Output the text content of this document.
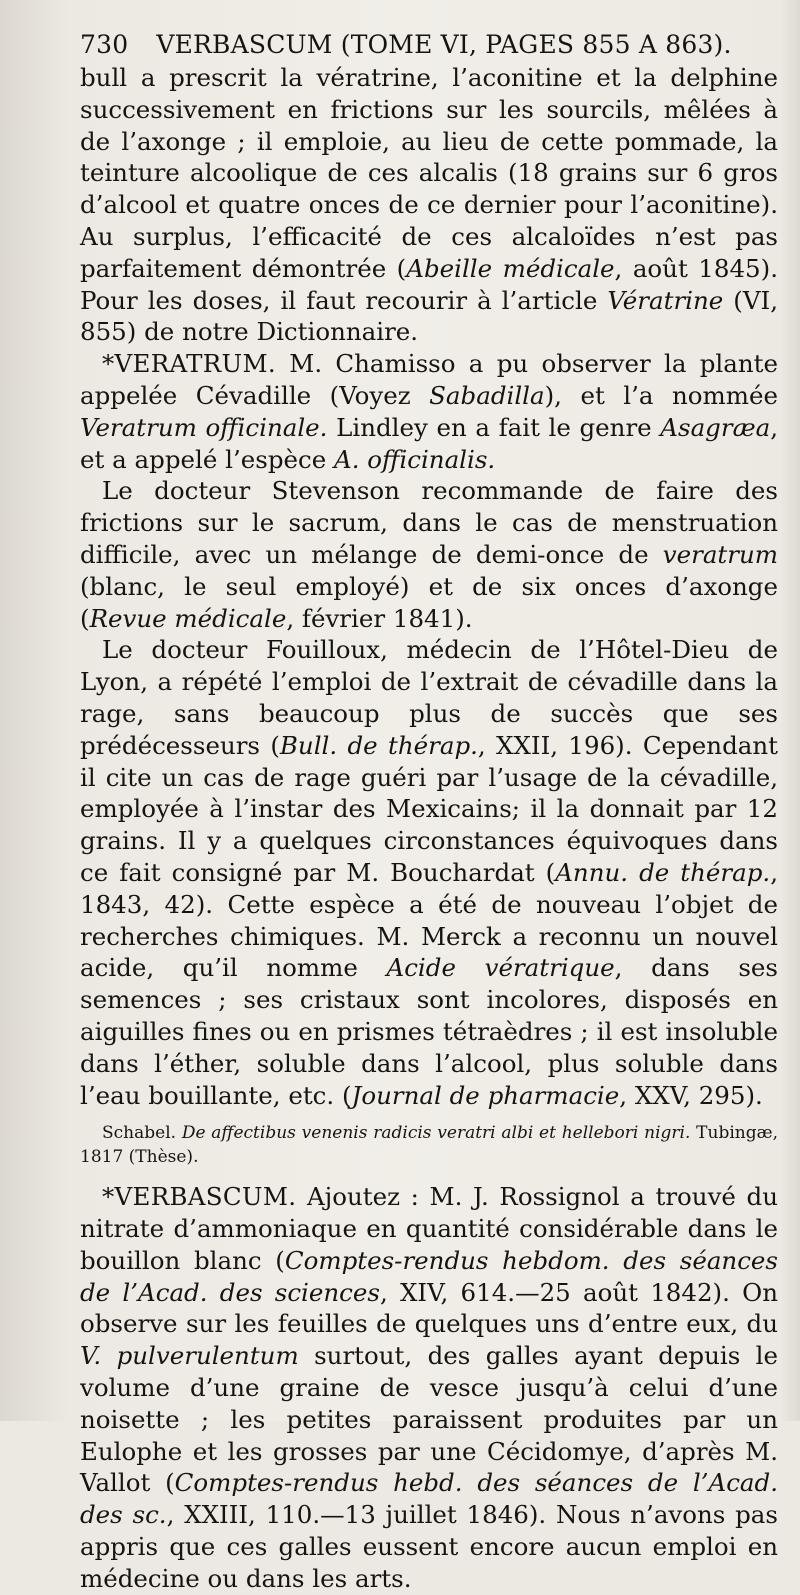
730 VERBASCUM (TOME VI, PAGES 855 A 863).

bull a prescrit la vératrine, l’aconitine et la delphine successivement en frictions sur les sourcils, mêlées à de l’axonge ; il emploie, au lieu de cette pommade, la teinture alcoolique de ces alcalis (18 grains sur 6 gros d’alcool et quatre onces de ce dernier pour l’aconitine). Au surplus, l’efficacité de ces alcaloïdes n’est pas parfaitement démontrée (Abeille médicale, août 1845). Pour les doses, il faut recourir à l’article Vératrine (VI, 855) de notre Dictionnaire.

*VERATRUM. M. Chamisso a pu observer la plante appelée Cévadille (Voyez Sabadilla), et l’a nommée Veratrum officinale. Lindley en a fait le genre Asagræa, et a appelé l’espèce A. officinalis.

Le docteur Stevenson recommande de faire des frictions sur le sacrum, dans le cas de menstruation difficile, avec un mélange de demi-once de veratrum (blanc, le seul employé) et de six onces d’axonge (Revue médicale, février 1841).

Le docteur Fouilloux, médecin de l’Hôtel-Dieu de Lyon, a répété l’emploi de l’extrait de cévadille dans la rage, sans beaucoup plus de succès que ses prédécesseurs (Bull. de thérap., XXII, 196). Cependant il cite un cas de rage guéri par l’usage de la cévadille, employée à l’instar des Mexicains; il la donnait par 12 grains. Il y a quelques circonstances équivoques dans ce fait consigné par M. Bouchardat (Annu. de thérap., 1843, 42). Cette espèce a été de nouveau l’objet de recherches chimiques. M. Merck a reconnu un nouvel acide, qu’il nomme Acide vératrique, dans ses semences ; ses cristaux sont incolores, disposés en aiguilles fines ou en prismes tétraèdres ; il est insoluble dans l’éther, soluble dans l’alcool, plus soluble dans l’eau bouillante, etc. (Journal de pharmacie, XXV, 295).

Schabel. De affectibus venenis radicis veratri albi et hellebori nigri. Tubingæ, 1817 (Thèse).

*VERBASCUM. Ajoutez : M. J. Rossignol a trouvé du nitrate d’ammoniaque en quantité considérable dans le bouillon blanc (Comptes-rendus hebdom. des séances de l’Acad. des sciences, XIV, 614.—25 août 1842). On observe sur les feuilles de quelques uns d’entre eux, du V. pulverulentum surtout, des galles ayant depuis le volume d’une graine de vesce jusqu’à celui d’une noisette ; les petites paraissent produites par un Eulophe et les grosses par une Cécidomye, d’après M. Vallot (Comptes-rendus hebd. des séances de l’Acad. des sc., XXIII, 110.—13 juillet 1846). Nous n’avons pas appris que ces galles eussent encore aucun emploi en médecine ou dans les arts.
